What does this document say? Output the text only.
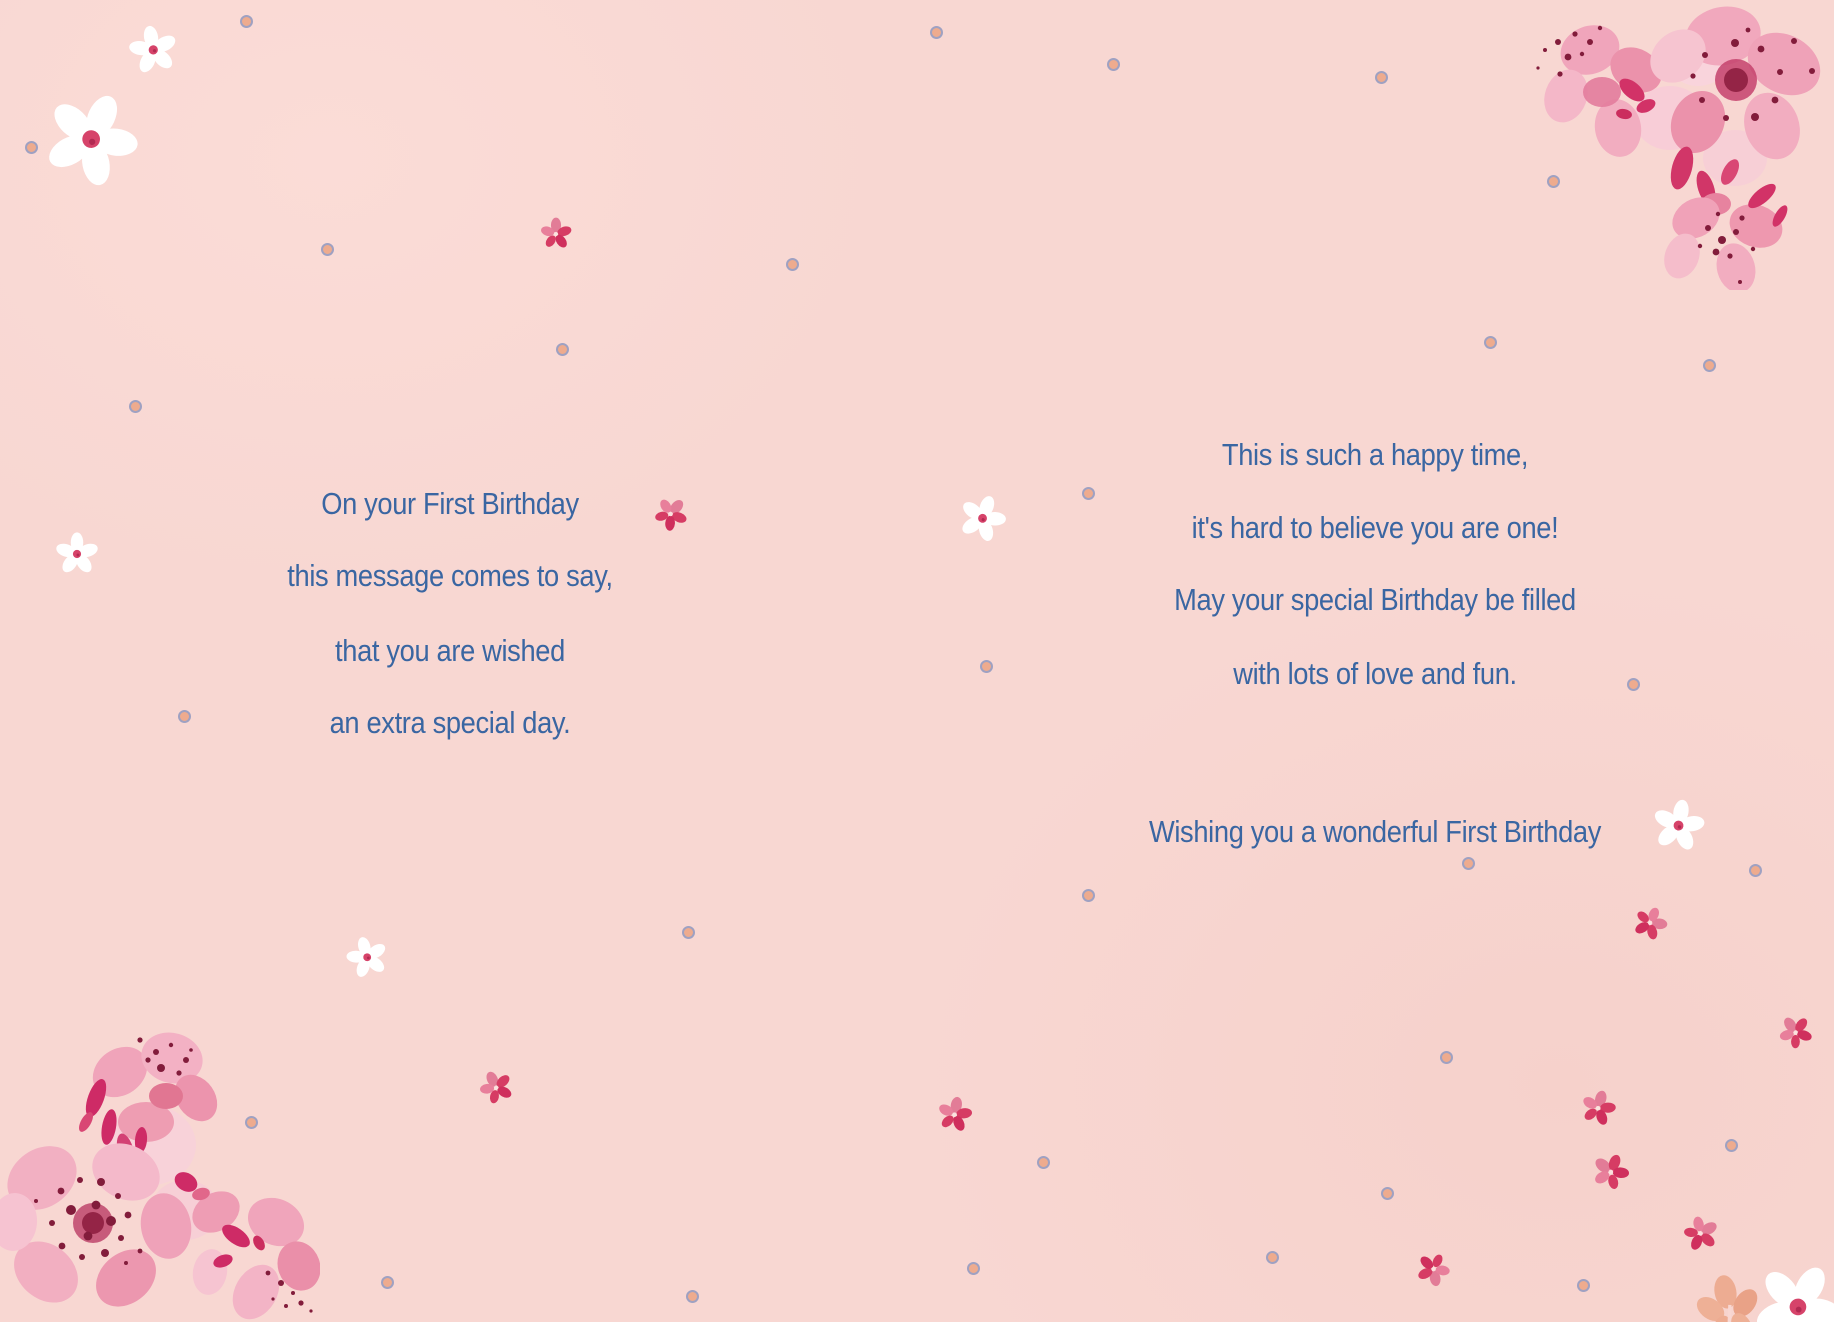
On your First Birthday
this message comes to say,
that you are wished
an extra special day.
This is such a happy time,
it's hard to believe you are one!
May your special Birthday be filled
with lots of love and fun.
Wishing you a wonderful First Birthday
